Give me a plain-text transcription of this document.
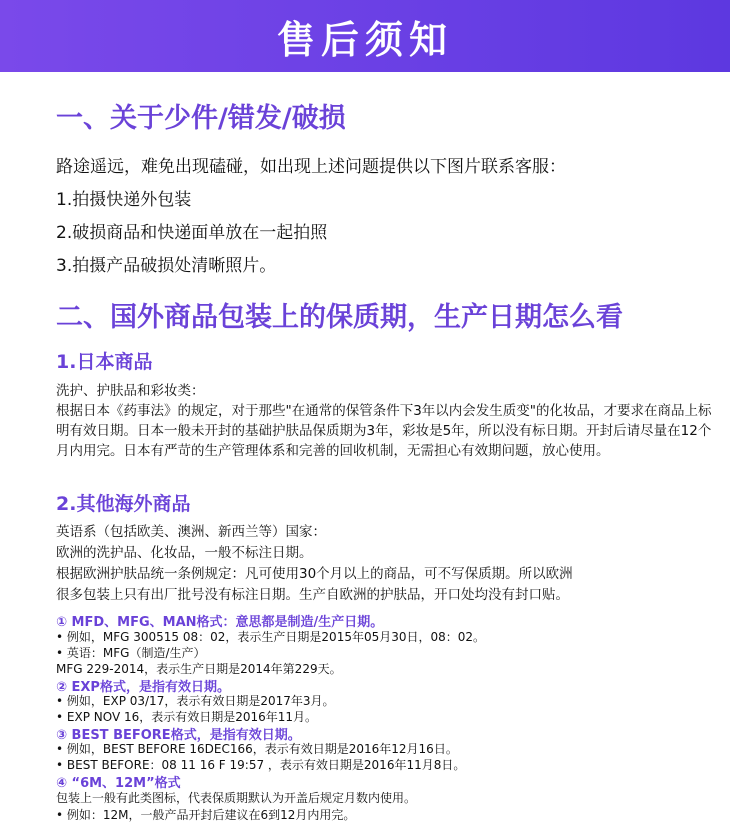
售后须知
一、关于少件/错发/破损
路途遥远，难免出现磕碰，如出现上述问题提供以下图片联系客服：
1.拍摄快递外包装
2.破损商品和快递面单放在一起拍照
3.拍摄产品破损处清晰照片。
二、国外商品包装上的保质期，生产日期怎么看
1.日本商品
洗护、护肤品和彩妆类：
根据日本《药事法》的规定，对于那些"在通常的保管条件下3年以内会发生质变"的化妆品，才要求在商品上标明有效日期。日本一般未开封的基础护肤品保质期为3年，彩妆是5年，所以没有标日期。开封后请尽量在12个月内用完。日本有严苛的生产管理体系和完善的回收机制，无需担心有效期问题，放心使用。
2.其他海外商品
英语系（包括欧美、澳洲、新西兰等）国家：
欧洲的洗护品、化妆品，一般不标注日期。
根据欧洲护肤品统一条例规定：凡可使用30个月以上的商品，可不写保质期。所以欧洲
很多包装上只有出厂批号没有标注日期。生产自欧洲的护肤品，开口处均没有封口贴。
① MFD、MFG、MAN格式：意思都是制造/生产日期。
• 例如，MFG 300515 08：02，表示生产日期是2015年05月30日，08：02。
• 英语：MFG（制造/生产）
MFG 229-2014，表示生产日期是2014年第229天。
② EXP格式，是指有效日期。
• 例如，EXP 03/17，表示有效日期是2017年3月。
• EXP NOV 16，表示有效日期是2016年11月。
③ BEST BEFORE格式，是指有效日期。
• 例如，BEST BEFORE 16DEC166，表示有效日期是2016年12月16日。
• BEST BEFORE：08 11 16 F 19:57 ，表示有效日期是2016年11月8日。
④ “6M、12M”格式
包装上一般有此类图标，代表保质期默认为开盖后规定月数内使用。
• 例如：12M，一般产品开封后建议在6到12月内用完。
